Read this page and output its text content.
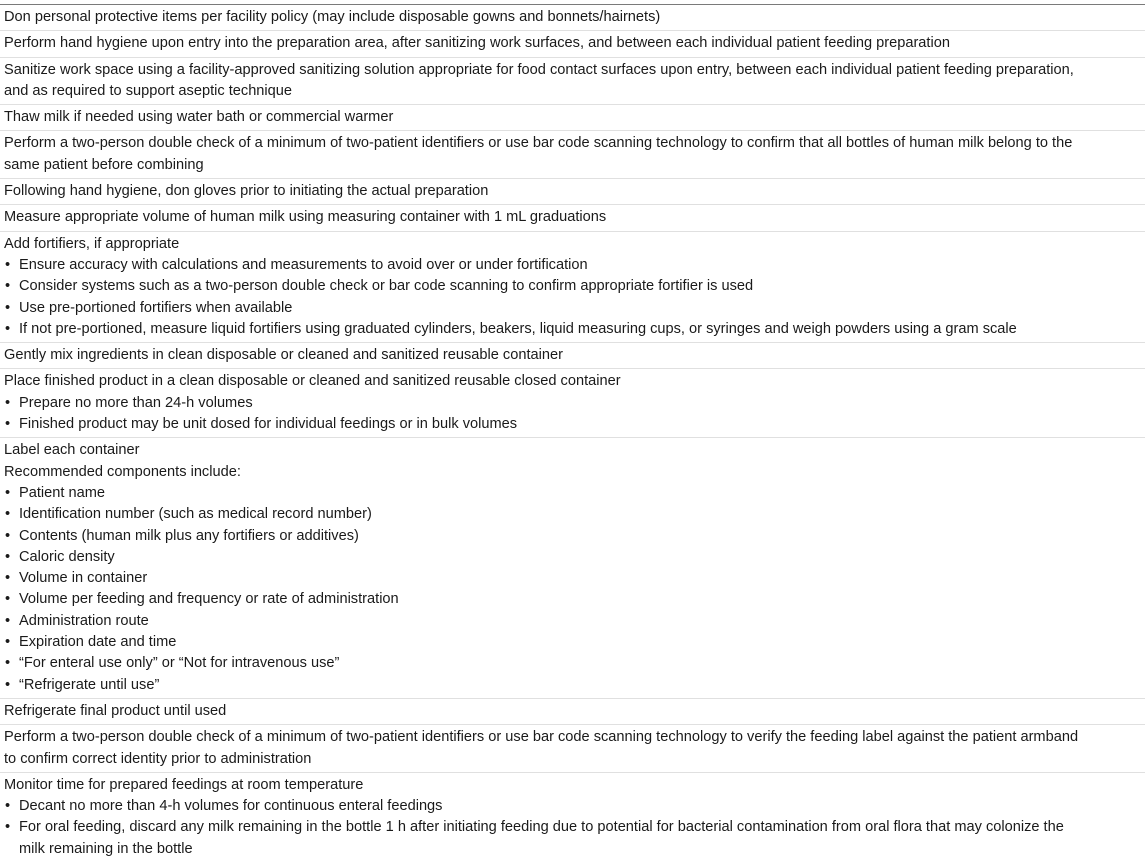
Don personal protective items per facility policy (may include disposable gowns and bonnets/hairnets)
Perform hand hygiene upon entry into the preparation area, after sanitizing work surfaces, and between each individual patient feeding preparation
Sanitize work space using a facility-approved sanitizing solution appropriate for food contact surfaces upon entry, between each individual patient feeding preparation,
and as required to support aseptic technique
Thaw milk if needed using water bath or commercial warmer
Perform a two-person double check of a minimum of two-patient identifiers or use bar code scanning technology to confirm that all bottles of human milk belong to the
same patient before combining
Following hand hygiene, don gloves prior to initiating the actual preparation
Measure appropriate volume of human milk using measuring container with 1 mL graduations
Add fortifiers, if appropriate
• Ensure accuracy with calculations and measurements to avoid over or under fortification
• Consider systems such as a two-person double check or bar code scanning to confirm appropriate fortifier is used
• Use pre-portioned fortifiers when available
• If not pre-portioned, measure liquid fortifiers using graduated cylinders, beakers, liquid measuring cups, or syringes and weigh powders using a gram scale
Gently mix ingredients in clean disposable or cleaned and sanitized reusable container
Place finished product in a clean disposable or cleaned and sanitized reusable closed container
• Prepare no more than 24-h volumes
• Finished product may be unit dosed for individual feedings or in bulk volumes
Label each container
Recommended components include:
• Patient name
• Identification number (such as medical record number)
• Contents (human milk plus any fortifiers or additives)
• Caloric density
• Volume in container
• Volume per feeding and frequency or rate of administration
• Administration route
• Expiration date and time
• “For enteral use only” or “Not for intravenous use”
• “Refrigerate until use”
Refrigerate final product until used
Perform a two-person double check of a minimum of two-patient identifiers or use bar code scanning technology to verify the feeding label against the patient armband
to confirm correct identity prior to administration
Monitor time for prepared feedings at room temperature
• Decant no more than 4-h volumes for continuous enteral feedings
• For oral feeding, discard any milk remaining in the bottle 1 h after initiating feeding due to potential for bacterial contamination from oral flora that may colonize the
milk remaining in the bottle
